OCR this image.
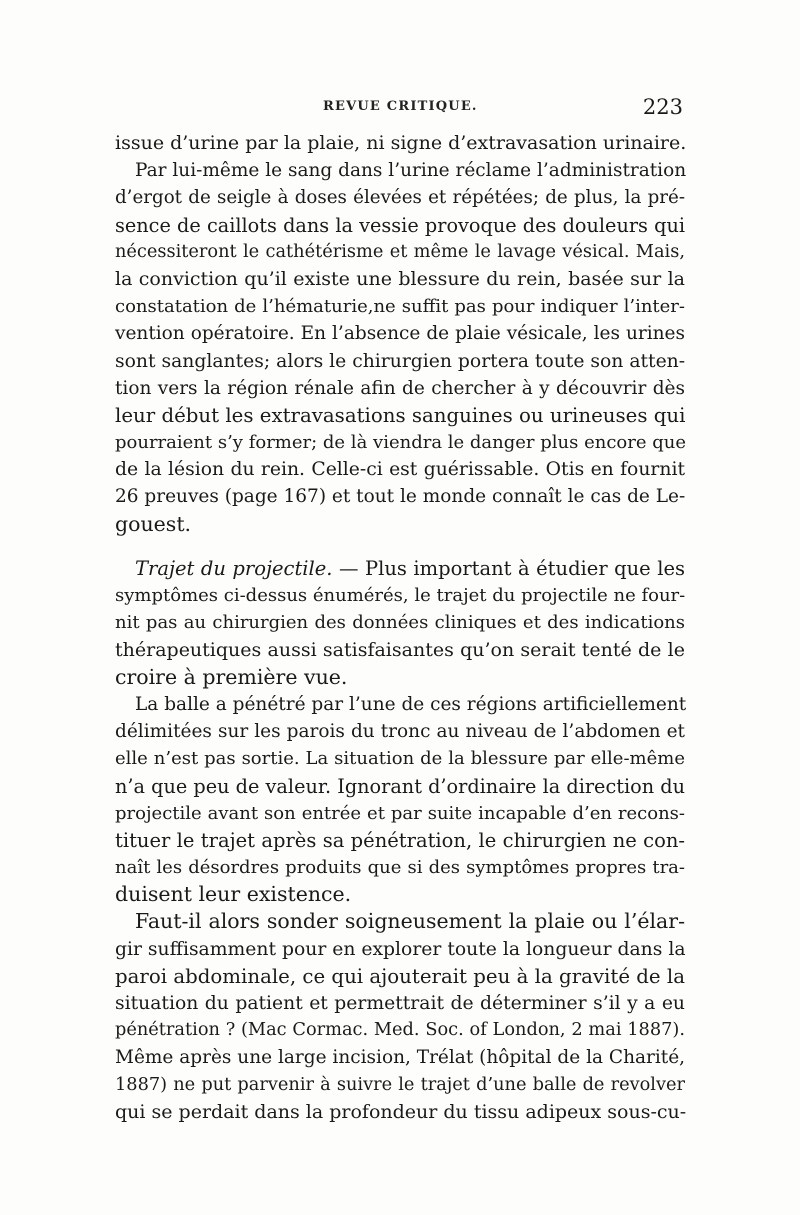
REVUE CRITIQUE.	223
issue d’urine par la plaie, ni signe d’extravasation urinaire.
Par lui-même le sang dans l’urine réclame l’administration
d’ergot de seigle à doses élevées et répétées; de plus, la pré-
sence de caillots dans la vessie provoque des douleurs qui
nécessiteront le cathétérisme et même le lavage vésical. Mais,
la conviction qu’il existe une blessure du rein, basée sur la
constatation de l’hématurie,ne suffit pas pour indiquer l’inter-
vention opératoire. En l’absence de plaie vésicale, les urines
sont sanglantes; alors le chirurgien portera toute son atten-
tion vers la région rénale afin de chercher à y découvrir dès
leur début les extravasations sanguines ou urineuses qui
pourraient s’y former; de là viendra le danger plus encore que
de la lésion du rein. Celle-ci est guérissable. Otis en fournit
26 preuves (page 167) et tout le monde connaît le cas de Le-
gouest.
Trajet du projectile. — Plus important à étudier que les
symptômes ci-dessus énumérés, le trajet du projectile ne four-
nit pas au chirurgien des données cliniques et des indications
thérapeutiques aussi satisfaisantes qu’on serait tenté de le
croire à première vue.
La balle a pénétré par l’une de ces régions artificiellement
délimitées sur les parois du tronc au niveau de l’abdomen et
elle n’est pas sortie. La situation de la blessure par elle-même
n’a que peu de valeur. Ignorant d’ordinaire la direction du
projectile avant son entrée et par suite incapable d’en recons-
tituer le trajet après sa pénétration, le chirurgien ne con-
naît les désordres produits que si des symptômes propres tra-
duisent leur existence.
Faut-il alors sonder soigneusement la plaie ou l’élar-
gir suffisamment pour en explorer toute la longueur dans la
paroi abdominale, ce qui ajouterait peu à la gravité de la
situation du patient et permettrait de déterminer s’il y a eu
pénétration ? (Mac Cormac. Med. Soc. of London, 2 mai 1887).
Même après une large incision, Trélat (hôpital de la Charité,
1887) ne put parvenir à suivre le trajet d’une balle de revolver
qui se perdait dans la profondeur du tissu adipeux sous-cu-
